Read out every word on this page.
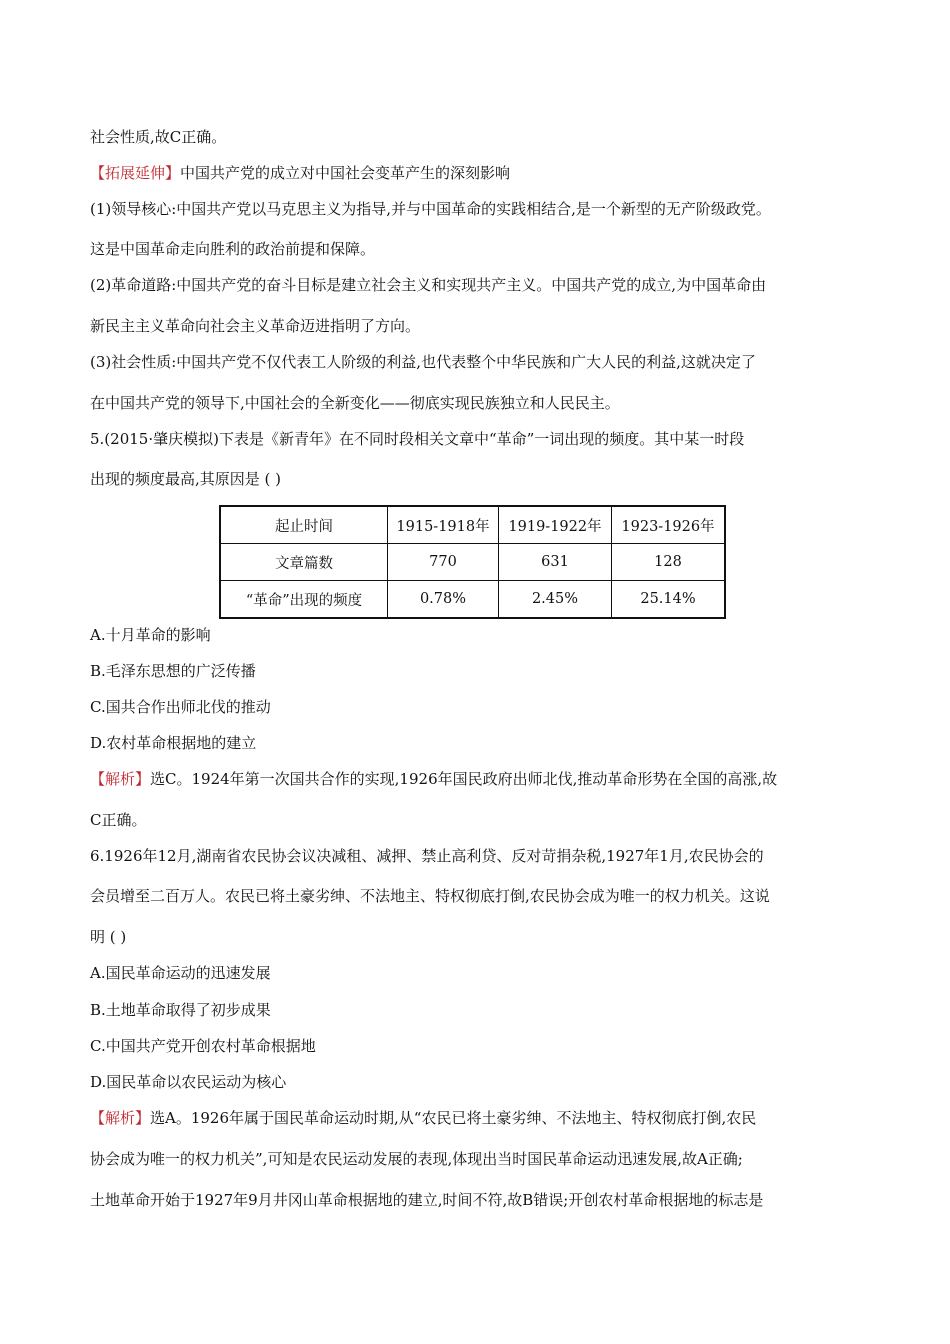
社会性质,故C正确。
【拓展延伸】中国共产党的成立对中国社会变革产生的深刻影响
(1)领导核心:中国共产党以马克思主义为指导,并与中国革命的实践相结合,是一个新型的无产阶级政党。
这是中国革命走向胜利的政治前提和保障。
(2)革命道路:中国共产党的奋斗目标是建立社会主义和实现共产主义。中国共产党的成立,为中国革命由
新民主主义革命向社会主义革命迈进指明了方向。
(3)社会性质:中国共产党不仅代表工人阶级的利益,也代表整个中华民族和广大人民的利益,这就决定了
在中国共产党的领导下,中国社会的全新变化——彻底实现民族独立和人民民主。
5.(2015·肇庆模拟)下表是《新青年》在不同时段相关文章中“革命”一词出现的频度。其中某一时段
出现的频度最高,其原因是 ( )
起止时间	1915-1918年	1919-1922年	1923-1926年
文章篇数	770	631	128
“革命”出现的频度	0.78%	2.45%	25.14%
A.十月革命的影响
B.毛泽东思想的广泛传播
C.国共合作出师北伐的推动
D.农村革命根据地的建立
【解析】选C。1924年第一次国共合作的实现,1926年国民政府出师北伐,推动革命形势在全国的高涨,故
C正确。
6.1926年12月,湖南省农民协会议决减租、减押、禁止高利贷、反对苛捐杂税,1927年1月,农民协会的
会员增至二百万人。农民已将土豪劣绅、不法地主、特权彻底打倒,农民协会成为唯一的权力机关。这说
明 ( )
A.国民革命运动的迅速发展
B.土地革命取得了初步成果
C.中国共产党开创农村革命根据地
D.国民革命以农民运动为核心
【解析】选A。1926年属于国民革命运动时期,从“农民已将土豪劣绅、不法地主、特权彻底打倒,农民
协会成为唯一的权力机关”,可知是农民运动发展的表现,体现出当时国民革命运动迅速发展,故A正确;
土地革命开始于1927年9月井冈山革命根据地的建立,时间不符,故B错误;开创农村革命根据地的标志是
